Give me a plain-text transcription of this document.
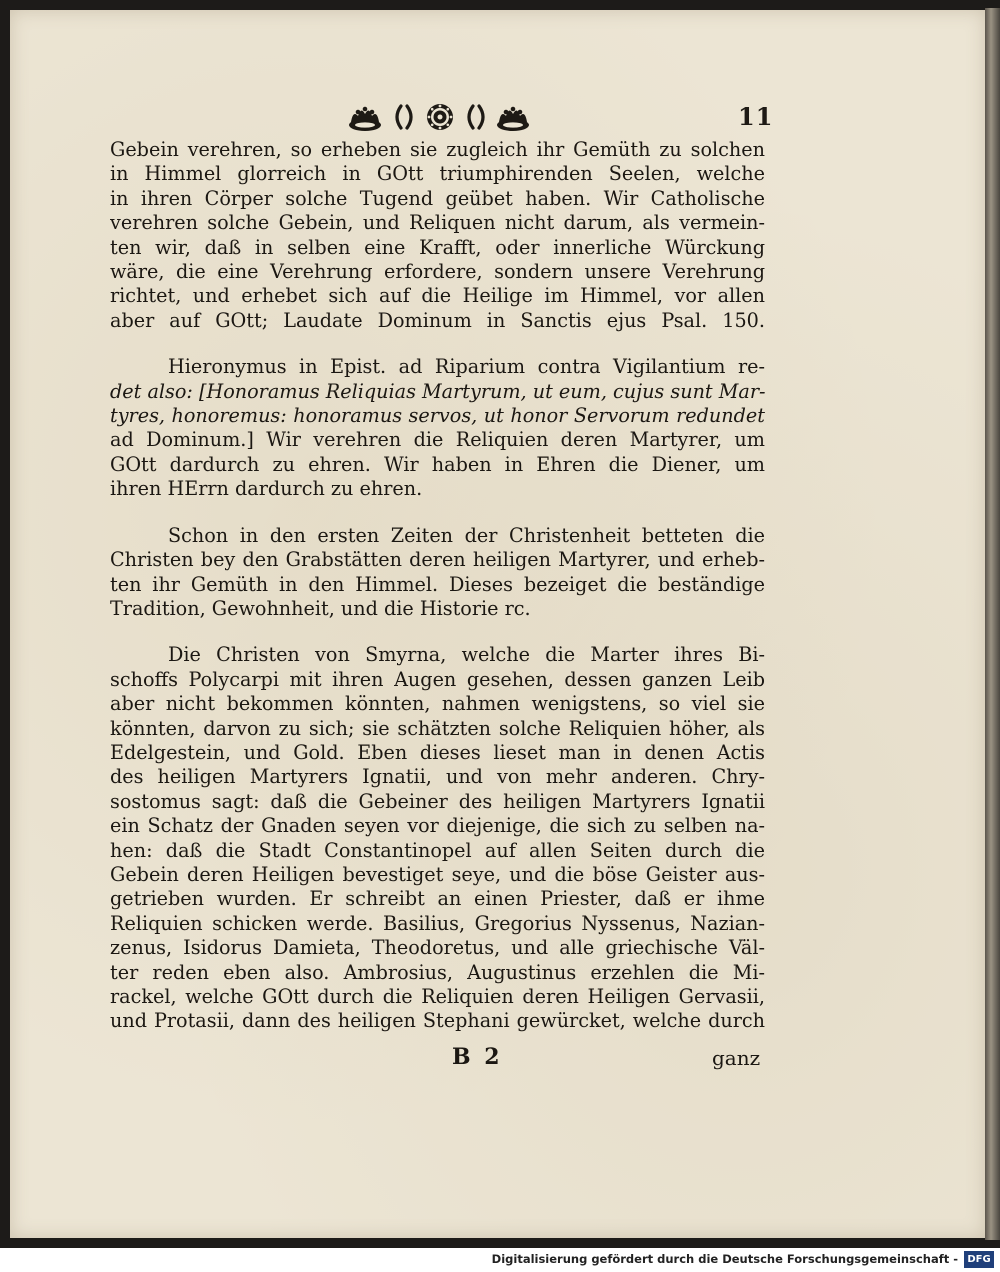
11

Gebein verehren, so erheben sie zugleich ihr Gemüth zu solchen
in Himmel glorreich in GOtt triumphirenden Seelen, welche
in ihren Cörper solche Tugend geübet haben. Wir Catholische
verehren solche Gebein, und Reliquen nicht darum, als vermein-
ten wir, daß in selben eine Krafft, oder innerliche Würckung
wäre, die eine Verehrung erfordere, sondern unsere Verehrung
richtet, und erhebet sich auf die Heilige im Himmel, vor allen
aber auf GOtt; Laudate Dominum in Sanctis ejus Psal. 150.

Hieronymus in Epist. ad Riparium contra Vigilantium re-
det also: [Honoramus Reliquias Martyrum, ut eum, cujus sunt Mar-
tyres, honoremus: honoramus servos, ut honor Servorum redundet
ad Dominum.] Wir verehren die Reliquien deren Martyrer, um
GOtt dardurch zu ehren. Wir haben in Ehren die Diener, um
ihren HErrn dardurch zu ehren.

Schon in den ersten Zeiten der Christenheit betteten die
Christen bey den Grabstätten deren heiligen Martyrer, und erheb-
ten ihr Gemüth in den Himmel. Dieses bezeiget die beständige
Tradition, Gewohnheit, und die Historie rc.

Die Christen von Smyrna, welche die Marter ihres Bi-
schoffs Polycarpi mit ihren Augen gesehen, dessen ganzen Leib
aber nicht bekommen könnten, nahmen wenigstens, so viel sie
könnten, darvon zu sich; sie schätzten solche Reliquien höher, als
Edelgestein, und Gold. Eben dieses lieset man in denen Actis
des heiligen Martyrers Ignatii, und von mehr anderen. Chry-
sostomus sagt: daß die Gebeiner des heiligen Martyrers Ignatii
ein Schatz der Gnaden seyen vor diejenige, die sich zu selben na-
hen: daß die Stadt Constantinopel auf allen Seiten durch die
Gebein deren Heiligen bevestiget seye, und die böse Geister aus-
getrieben wurden. Er schreibt an einen Priester, daß er ihme
Reliquien schicken werde. Basilius, Gregorius Nyssenus, Nazian-
zenus, Isidorus Damieta, Theodoretus, und alle griechische Väl-
ter reden eben also. Ambrosius, Augustinus erzehlen die Mi-
rackel, welche GOtt durch die Reliquien deren Heiligen Gervasii,
und Protasii, dann des heiligen Stephani gewürcket, welche durch

B 2	ganz
Digitalisierung gefördert durch die Deutsche Forschungsgemeinschaft - DFG
